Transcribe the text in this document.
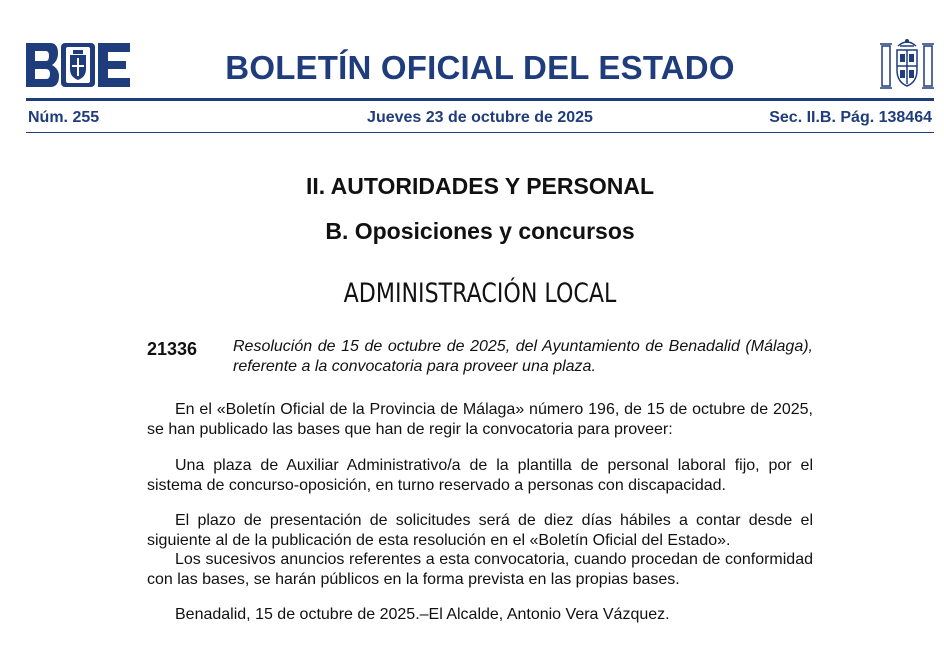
BOLETÍN OFICIAL DEL ESTADO
Núm. 255	Jueves 23 de octubre de 2025	Sec. II.B. Pág. 138464
II. AUTORIDADES Y PERSONAL
B. Oposiciones y concursos
ADMINISTRACIÓN LOCAL
21336 Resolución de 15 de octubre de 2025, del Ayuntamiento de Benadalid (Málaga), referente a la convocatoria para proveer una plaza.

En el «Boletín Oficial de la Provincia de Málaga» número 196, de 15 de octubre de 2025, se han publicado las bases que han de regir la convocatoria para proveer:

Una plaza de Auxiliar Administrativo/a de la plantilla de personal laboral fijo, por el sistema de concurso-oposición, en turno reservado a personas con discapacidad.

El plazo de presentación de solicitudes será de diez días hábiles a contar desde el siguiente al de la publicación de esta resolución en el «Boletín Oficial del Estado».

Los sucesivos anuncios referentes a esta convocatoria, cuando procedan de conformidad con las bases, se harán públicos en la forma prevista en las propias bases.

Benadalid, 15 de octubre de 2025.–El Alcalde, Antonio Vera Vázquez.
